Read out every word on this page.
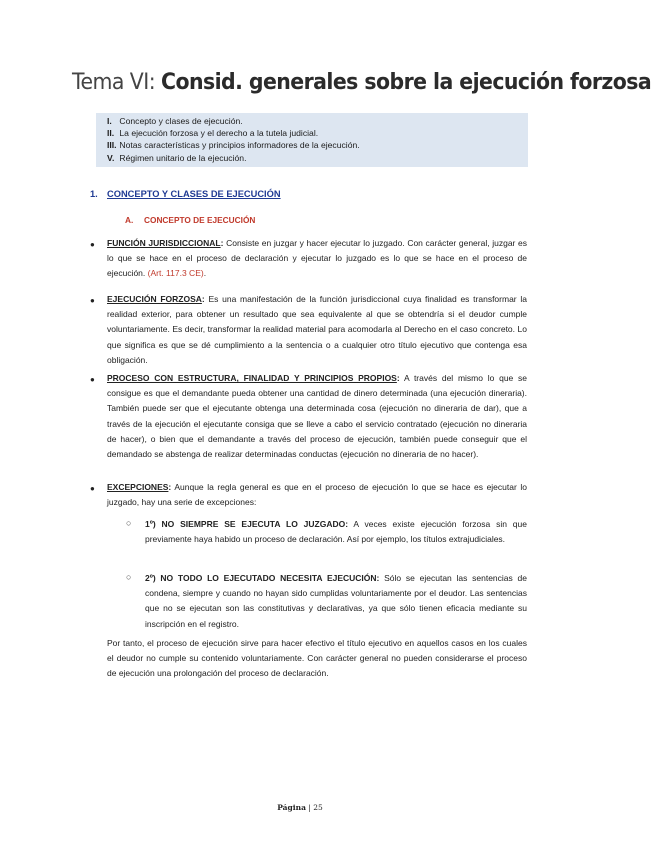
Tema VI: Consid. generales sobre la ejecución forzosa
I. Concepto y clases de ejecución.
II. La ejecución forzosa y el derecho a la tutela judicial.
III. Notas características y principios informadores de la ejecución.
V. Régimen unitario de la ejecución.
1. CONCEPTO Y CLASES DE EJECUCIÓN
A. CONCEPTO DE EJECUCIÓN
● FUNCIÓN JURISDICCIONAL: Consiste en juzgar y hacer ejecutar lo juzgado. Con carácter general, juzgar es lo que se hace en el proceso de declaración y ejecutar lo juzgado es lo que se hace en el proceso de ejecución. (Art. 117.3 CE).
● EJECUCIÓN FORZOSA: Es una manifestación de la función jurisdiccional cuya finalidad es transformar la realidad exterior, para obtener un resultado que sea equivalente al que se obtendría si el deudor cumple voluntariamente. Es decir, transformar la realidad material para acomodarla al Derecho en el caso concreto. Lo que significa es que se dé cumplimiento a la sentencia o a cualquier otro título ejecutivo que contenga esa obligación.
● PROCESO CON ESTRUCTURA, FINALIDAD Y PRINCIPIOS PROPIOS: A través del mismo lo que se consigue es que el demandante pueda obtener una cantidad de dinero determinada (una ejecución dineraria). También puede ser que el ejecutante obtenga una determinada cosa (ejecución no dineraria de dar), que a través de la ejecución el ejecutante consiga que se lleve a cabo el servicio contratado (ejecución no dineraria de hacer), o bien que el demandante a través del proceso de ejecución, también puede conseguir que el demandado se abstenga de realizar determinadas conductas (ejecución no dineraria de no hacer).
● EXCEPCIONES: Aunque la regla general es que en el proceso de ejecución lo que se hace es ejecutar lo juzgado, hay una serie de excepciones:
○ 1º) NO SIEMPRE SE EJECUTA LO JUZGADO: A veces existe ejecución forzosa sin que previamente haya habido un proceso de declaración. Así por ejemplo, los títulos extrajudiciales.
○ 2º) NO TODO LO EJECUTADO NECESITA EJECUCIÓN: Sólo se ejecutan las sentencias de condena, siempre y cuando no hayan sido cumplidas voluntariamente por el deudor. Las sentencias que no se ejecutan son las constitutivas y declarativas, ya que sólo tienen eficacia mediante su inscripción en el registro.
Por tanto, el proceso de ejecución sirve para hacer efectivo el título ejecutivo en aquellos casos en los cuales el deudor no cumple su contenido voluntariamente. Con carácter general no pueden considerarse el proceso de ejecución una prolongación del proceso de declaración.
Página | 25
